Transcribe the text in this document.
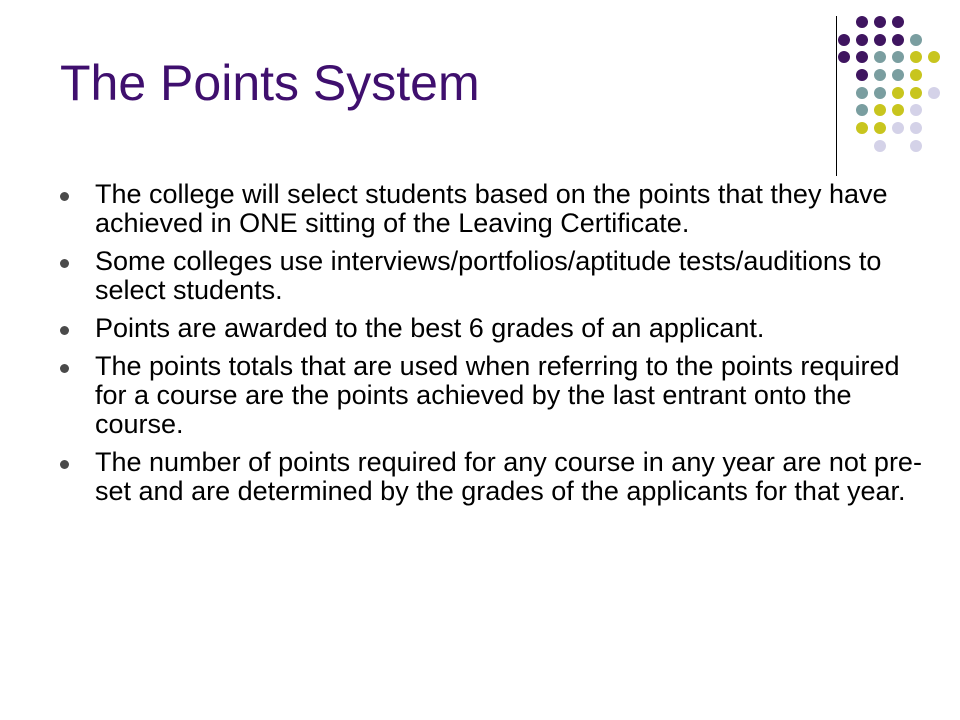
The Points System
The college will select students based on the points that they have achieved in ONE sitting of the Leaving Certificate.
Some colleges use interviews/portfolios/aptitude tests/auditions to select students.
Points are awarded to the best 6 grades of an applicant.
The points totals that are used when referring to the points required for a course are the points achieved by the last entrant onto the course.
The number of points required for any course in any year are not pre-set and are determined by the grades of the applicants for that year.
